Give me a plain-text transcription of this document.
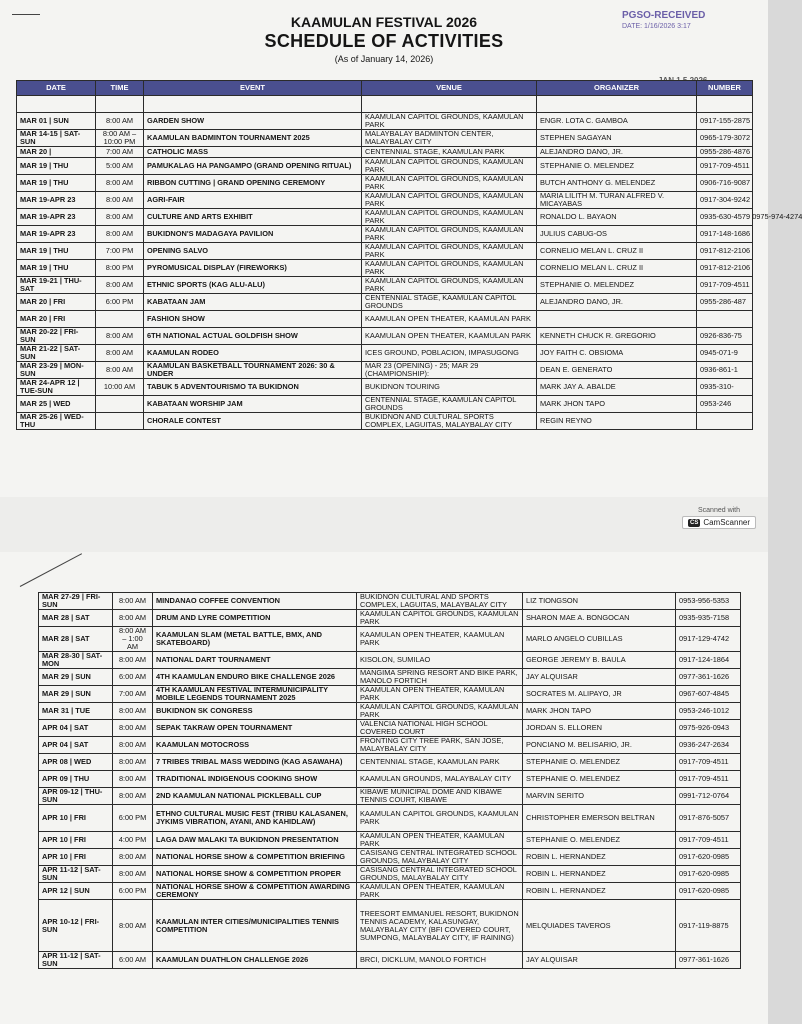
KAAMULAN FESTIVAL 2026
SCHEDULE OF ACTIVITIES
(As of January 14, 2026)
PGSO-RECEIVED
DATE: 1/16/2026 3:17
DATE	TIME	EVENT	VENUE	ORGANIZER	NUMBER

MAR 01 | SUN	8:00 AM	GARDEN SHOW	KAAMULAN CAPITOL GROUNDS, KAAMULAN PARK	ENGR. LOTA C. GAMBOA	0917-155-2875
MAR 14-15 | SAT-SUN	8:00 AM – 10:00 PM	KAAMULAN BADMINTON TOURNAMENT 2025	MALAYBALAY BADMINTON CENTER, MALAYBALAY CITY	STEPHEN SAGAYAN	0965-179-3072
MAR 20 |	7:00 AM	CATHOLIC MASS	CENTENNIAL STAGE, KAAMULAN PARK	ALEJANDRO DANO, JR.	0955-286-4876
MAR 19 | THU	5:00 AM	PAMUKALAG HA PANGAMPO (GRAND OPENING RITUAL)	KAAMULAN CAPITOL GROUNDS, KAAMULAN PARK	STEPHANIE O. MELENDEZ	0917-709-4511
MAR 19 | THU	8:00 AM	RIBBON CUTTING | GRAND OPENING CEREMONY	KAAMULAN CAPITOL GROUNDS, KAAMULAN PARK	BUTCH ANTHONY G. MELENDEZ	0906-716-9087
MAR 19-APR 23	8:00 AM	AGRI-FAIR	KAAMULAN CAPITOL GROUNDS, KAAMULAN PARK	MARIA LILITH M. TURAN ALFRED V. MICAYABAS	0917-304-9242
MAR 19-APR 23	8:00 AM	CULTURE AND ARTS EXHIBIT	KAAMULAN CAPITOL GROUNDS, KAAMULAN PARK	RONALDO L. BAYAON	0935-630-4579 0975-974-4274
MAR 19-APR 23	8:00 AM	BUKIDNON'S MADAGAYA PAVILION	KAAMULAN CAPITOL GROUNDS, KAAMULAN PARK	JULIUS CABUG-OS	0917-148-1686
MAR 19 | THU	7:00 PM	OPENING SALVO	KAAMULAN CAPITOL GROUNDS, KAAMULAN PARK	CORNELIO MELAN L. CRUZ II	0917-812-2106
MAR 19 | THU	8:00 PM	PYROMUSICAL DISPLAY (FIREWORKS)	KAAMULAN CAPITOL GROUNDS, KAAMULAN PARK	CORNELIO MELAN L. CRUZ II	0917-812-2106
MAR 19-21 | THU-SAT	8:00 AM	ETHNIC SPORTS (KAG ALU-ALU)	KAAMULAN CAPITOL GROUNDS, KAAMULAN PARK	STEPHANIE O. MELENDEZ	0917-709-4511
MAR 20 | FRI	6:00 PM	KABATAAN JAM	CENTENNIAL STAGE, KAAMULAN CAPITOL GROUNDS	ALEJANDRO DANO, JR.	0955-286-487
MAR 20 | FRI		FASHION SHOW	KAAMULAN OPEN THEATER, KAAMULAN PARK		
MAR 20-22 | FRI-SUN	8:00 AM	6TH NATIONAL ACTUAL GOLDFISH SHOW	KAAMULAN OPEN THEATER, KAAMULAN PARK	KENNETH CHUCK R. GREGORIO	0926-836-75
MAR 21-22 | SAT-SUN	8:00 AM	KAAMULAN RODEO	ICES GROUND, POBLACION, IMPASUGONG	JOY FAITH C. OBSIOMA	0945-071-9
MAR 23-29 | MON-SUN	8:00 AM	KAAMULAN BASKETBALL TOURNAMENT 2026: 30 & UNDER	MAR 23 (OPENING) - 25; MAR 29 (CHAMPIONSHIP):	DEAN E. GENERATO	0936-861-1
MAR 24-APR 12 | TUE-SUN	10:00 AM	TABUK 5 ADVENTOURISMO TA BUKIDNON	BUKIDNON TOURING	MARK JAY A. ABALDE	0935-310-
MAR 25 | WED		KABATAAN WORSHIP JAM	CENTENNIAL STAGE, KAAMULAN CAPITOL GROUNDS	MARK JHON TAPO	0953-246
MAR 25-26 | WED-THU		CHORALE CONTEST	BUKIDNON AND CULTURAL SPORTS COMPLEX, LAGUITAS, MALAYBALAY CITY	REGIN REYNO	
Scanned with
CS CamScanner
MAR 27-29 | FRI-SUN	8:00 AM	MINDANAO COFFEE CONVENTION	BUKIDNON CULTURAL AND SPORTS COMPLEX, LAGUITAS, MALAYBALAY CITY	LIZ TIONGSON	0953-956-5353
MAR 28 | SAT	8:00 AM	DRUM AND LYRE COMPETITION	KAAMULAN CAPITOL GROUNDS, KAAMULAN PARK	SHARON MAE A. BONGOCAN	0935-935-7158
MAR 28 | SAT	8:00 AM – 1:00 AM	KAAMULAN SLAM (METAL BATTLE, BMX, AND SKATEBOARD)	KAAMULAN OPEN THEATER, KAAMULAN PARK	MARLO ANGELO CUBILLAS	0917-129-4742
MAR 28-30 | SAT-MON	8:00 AM	NATIONAL DART TOURNAMENT	KISOLON, SUMILAO	GEORGE JEREMY B. BAULA	0917-124-1864
MAR 29 | SUN	6:00 AM	4TH KAAMULAN ENDURO BIKE CHALLENGE 2026	MANGIMA SPRING RESORT AND BIKE PARK, MANOLO FORTICH	JAY ALQUISAR	0977-361-1626
MAR 29 | SUN	7:00 AM	4TH KAAMULAN FESTIVAL INTERMUNICIPALITY MOBILE LEGENDS TOURNAMENT 2025	KAAMULAN OPEN THEATER, KAAMULAN PARK	SOCRATES M. ALIPAYO, JR	0967-607-4845
MAR 31 | TUE	8:00 AM	BUKIDNON SK CONGRESS	KAAMULAN CAPITOL GROUNDS, KAAMULAN PARK	MARK JHON TAPO	0953-246-1012
APR 04 | SAT	8:00 AM	SEPAK TAKRAW OPEN TOURNAMENT	VALENCIA NATIONAL HIGH SCHOOL COVERED COURT	JORDAN S. ELLOREN	0975-926-0943
APR 04 | SAT	8:00 AM	KAAMULAN MOTOCROSS	FRONTING CITY TREE PARK, SAN JOSE, MALAYBALAY CITY	PONCIANO M. BELISARIO, JR.	0936-247-2634
APR 08 | WED	8:00 AM	7 TRIBES TRIBAL MASS WEDDING (KAG ASAWAHA)	CENTENNIAL STAGE, KAAMULAN PARK	STEPHANIE O. MELENDEZ	0917-709-4511
APR 09 | THU	8:00 AM	TRADITIONAL INDIGENOUS COOKING SHOW	KAAMULAN GROUNDS, MALAYBALAY CITY	STEPHANIE O. MELENDEZ	0917-709-4511
APR 09-12 | THU-SUN	8:00 AM	2ND KAAMULAN NATIONAL PICKLEBALL CUP	KIBAWE MUNICIPAL DOME AND KIBAWE TENNIS COURT, KIBAWE	MARVIN SERITO	0991-712-0764
APR 10 | FRI	6:00 PM	ETHNO CULTURAL MUSIC FEST (TRIBU KALASANEN, JYKIMS VIBRATION, AYANI, AND KAHIDLAW)	KAAMULAN CAPITOL GROUNDS, KAAMULAN PARK	CHRISTOPHER EMERSON BELTRAN	0917-876-5057
APR 10 | FRI	4:00 PM	LAGA DAW MALAKI TA BUKIDNON PRESENTATION	KAAMULAN OPEN THEATER, KAAMULAN PARK	STEPHANIE O. MELENDEZ	0917-709-4511
APR 10 | FRI	8:00 AM	NATIONAL HORSE SHOW & COMPETITION BRIEFING	CASISANG CENTRAL INTEGRATED SCHOOL GROUNDS, MALAYBALAY CITY	ROBIN L. HERNANDEZ	0917-620-0985
APR 11-12 | SAT-SUN	8:00 AM	NATIONAL HORSE SHOW & COMPETITION PROPER	CASISANG CENTRAL INTEGRATED SCHOOL GROUNDS, MALAYBALAY CITY	ROBIN L. HERNANDEZ	0917-620-0985
APR 12 | SUN	6:00 PM	NATIONAL HORSE SHOW & COMPETITION AWARDING CEREMONY	KAAMULAN OPEN THEATER, KAAMULAN PARK	ROBIN L. HERNANDEZ	0917-620-0985
APR 10-12 | FRI-SUN	8:00 AM	KAAMULAN INTER CITIES/MUNICIPALITIES TENNIS COMPETITION	TREESORT EMMANUEL RESORT, BUKIDNON TENNIS ACADEMY, KALASUNGAY, MALAYBALAY CITY (BFI COVERED COURT, SUMPONG, MALAYBALAY CITY, IF RAINING)	MELQUIADES TAVEROS	0917-119-8875
APR 11-12 | SAT-SUN	6:00 AM	KAAMULAN DUATHLON CHALLENGE 2026	BRCI, DICKLUM, MANOLO FORTICH	JAY ALQUISAR	0977-361-1626
